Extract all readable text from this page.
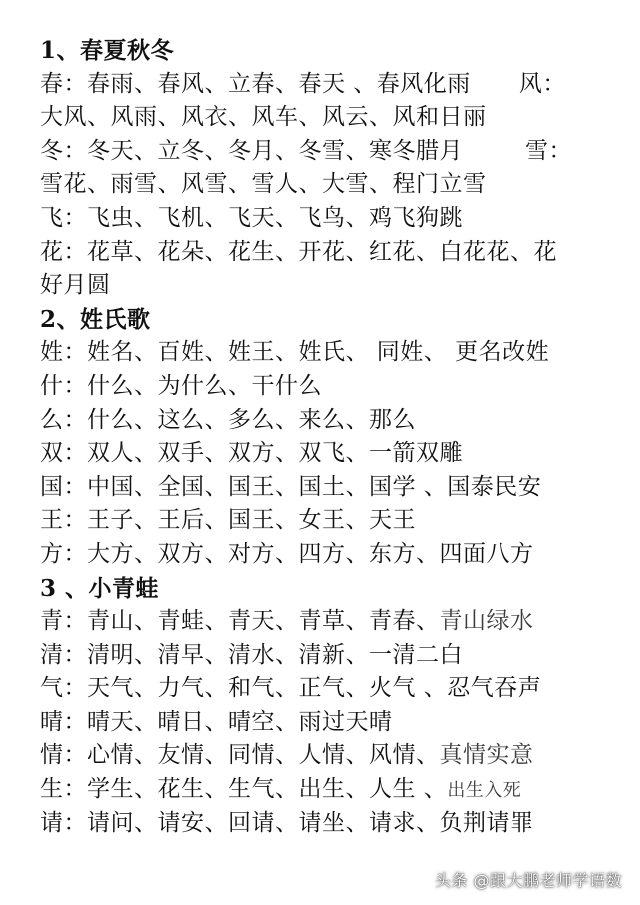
1、春夏秋冬
春：春雨、春风、立春、春天 、春风化雨 风：
大风、风雨、风衣、风车、风云、风和日丽
冬：冬天、立冬、冬月、冬雪、寒冬腊月	雪：
雪花、雨雪、风雪、雪人、大雪、程门立雪
飞：飞虫、飞机、飞天、飞鸟、鸡飞狗跳
花：花草、花朵、花生、开花、红花、白花花、花
好月圆
2、姓氏歌
姓：姓名、百姓、姓王、姓氏、 同姓、 更名改姓
什：什么、为什么、干什么
么：什么、这么、多么、来么、那么
双：双人、双手、双方、双飞、一箭双雕
国：中国、全国、国王、国土、国学 、国泰民安
王：王子、王后、国王、女王、天王
方：大方、双方、对方、四方、东方、四面八方
3 、小青蛙
青：青山、青蛙、青天、青草、青春、青山绿水
清：清明、清早、清水、清新、一清二白
气：天气、力气、和气、正气、火气 、忍气吞声
晴：晴天、晴日、晴空、雨过天晴
情：心情、友情、同情、人情、风情、真情实意
生：学生、花生、生气、出生、人生 、出生入死
请：请问、请安、回请、请坐、请求、负荆请罪
头条 @跟大鹏老师学语数
